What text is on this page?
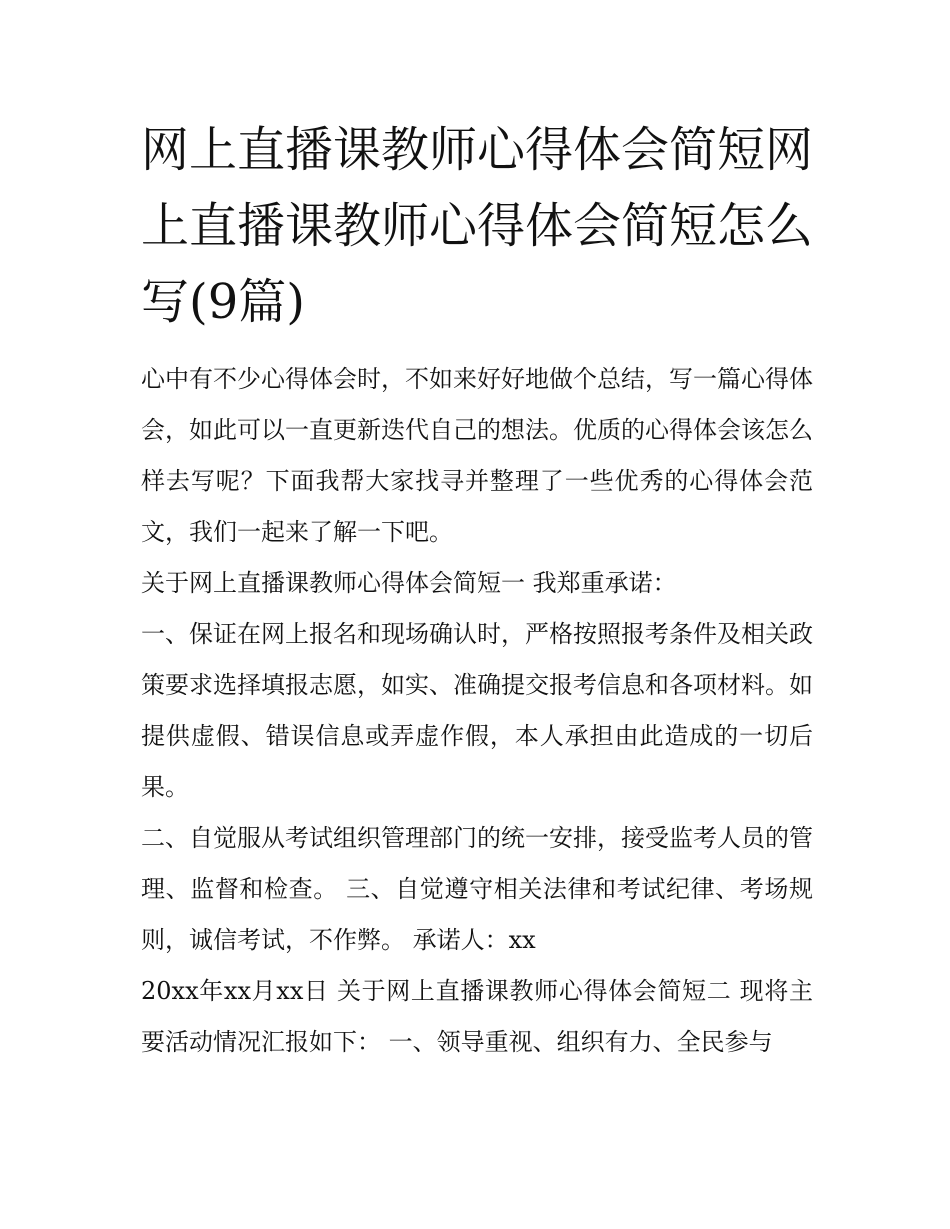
网上直播课教师心得体会简短网上直播课教师心得体会简短怎么写(9篇)

心中有不少心得体会时，不如来好好地做个总结，写一篇心得体会，如此可以一直更新迭代自己的想法。优质的心得体会该怎么样去写呢？下面我帮大家找寻并整理了一些优秀的心得体会范文，我们一起来了解一下吧。

关于网上直播课教师心得体会简短一 我郑重承诺：

一、保证在网上报名和现场确认时，严格按照报考条件及相关政策要求选择填报志愿，如实、准确提交报考信息和各项材料。如提供虚假、错误信息或弄虚作假，本人承担由此造成的一切后果。

二、自觉服从考试组织管理部门的统一安排，接受监考人员的管理、监督和检查。 三、自觉遵守相关法律和考试纪律、考场规则，诚信考试，不作弊。 承诺人：xx

20xx年xx月xx日 关于网上直播课教师心得体会简短二 现将主要活动情况汇报如下： 一、领导重视、组织有力、全民参与
